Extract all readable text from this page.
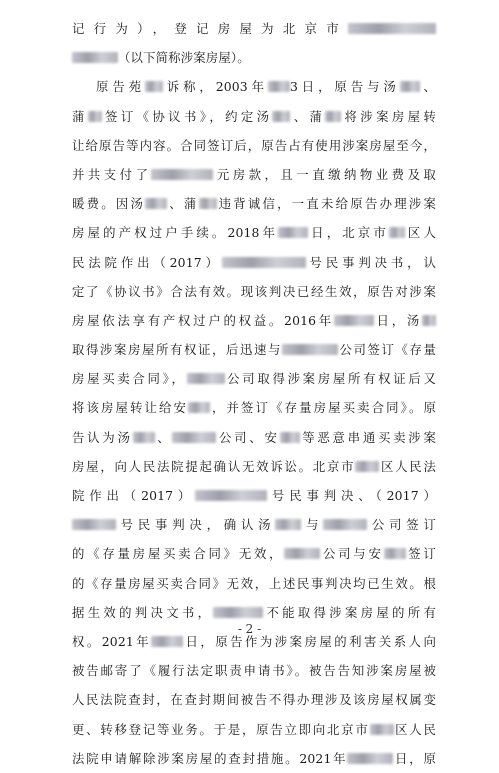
记行为），登记房屋为北京市
（以下简称涉案房屋）。
原告苑 诉称，2003年 3日，原告与汤 、
蒲 签订《协议书》，约定汤 、蒲 将涉案房屋转
让给原告等内容。合同签订后，原告占有使用涉案房屋至今，
并共支付了	元房款，且一直缴纳物业费及取
暖费。因汤 、蒲 违背诚信，一直未给原告办理涉案
房屋的产权过户手续。2018年 日，北京市 区人
民法院作出（2017）	号民事判决书，认
定了《协议书》合法有效。现该判决已经生效，原告对涉案
房屋依法享有产权过户的权益。2016年	日，汤
取得涉案房屋所有权证，后迅速与	公司签订《存量
房屋买卖合同》，	公司取得涉案房屋所有权证后又
将该房屋转让给安 ，并签订《存量房屋买卖合同》。原
告认为汤 、	公司、安 等恶意串通买卖涉案
房屋，向人民法院提起确认无效诉讼。北京市 区人民法
院作出（2017）	号民事判决、（2017）
号民事判决，确认汤 与	公司签订
的《存量房屋买卖合同》无效，	公司与安 签订
的《存量房屋买卖合同》无效，上述民事判决均已生效。根
据生效的判决文书，	不能取得涉案房屋的所有
权。2021年	日，原告作为涉案房屋的利害关系人向
被告邮寄了《履行法定职责申请书》。被告告知涉案房屋被
人民法院查封，在查封期间被告不得办理涉及该房屋权属变
更、转移登记等业务。于是，原告立即向北京市 区人民
法院申请解除涉案房屋的查封措施。2021年	日，原
- 2 -
